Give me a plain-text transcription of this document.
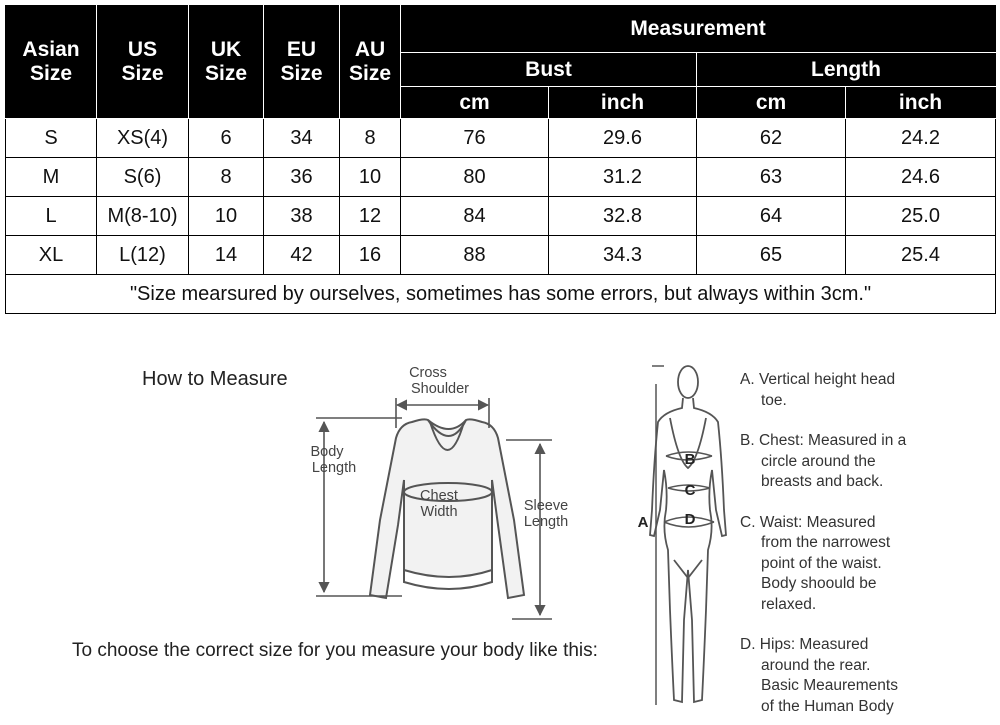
Asian
Size	US
Size	UK
Size	EU
Size	AU
Size	Measurement			
					Bust		Length	
					cm	inch	cm	inch
S	XS(4)	6	34	8	76	29.6	62	24.2
M	S(6)	8	36	10	80	31.2	63	24.6
L	M(8-10)	10	38	12	84	32.8	64	25.0
XL	L(12)	14	42	16	88	34.3	65	25.4
"Size mearsured by ourselves, sometimes has some errors, but always within 3cm."								
How to Measure	Cross
Shoulder
Body
Length
Chest
Width	Sleeve
Length	A
B
C
D
To choose the correct size for you measure your body like this:
A. Vertical height head
toe.
B. Chest: Measured in a
circle around the
breasts and back.
C. Waist: Measured
from the narrowest
point of the waist.
Body shoould be
relaxed.
D. Hips: Measured
around the rear.
Basic Meaurements
of the Human Body
